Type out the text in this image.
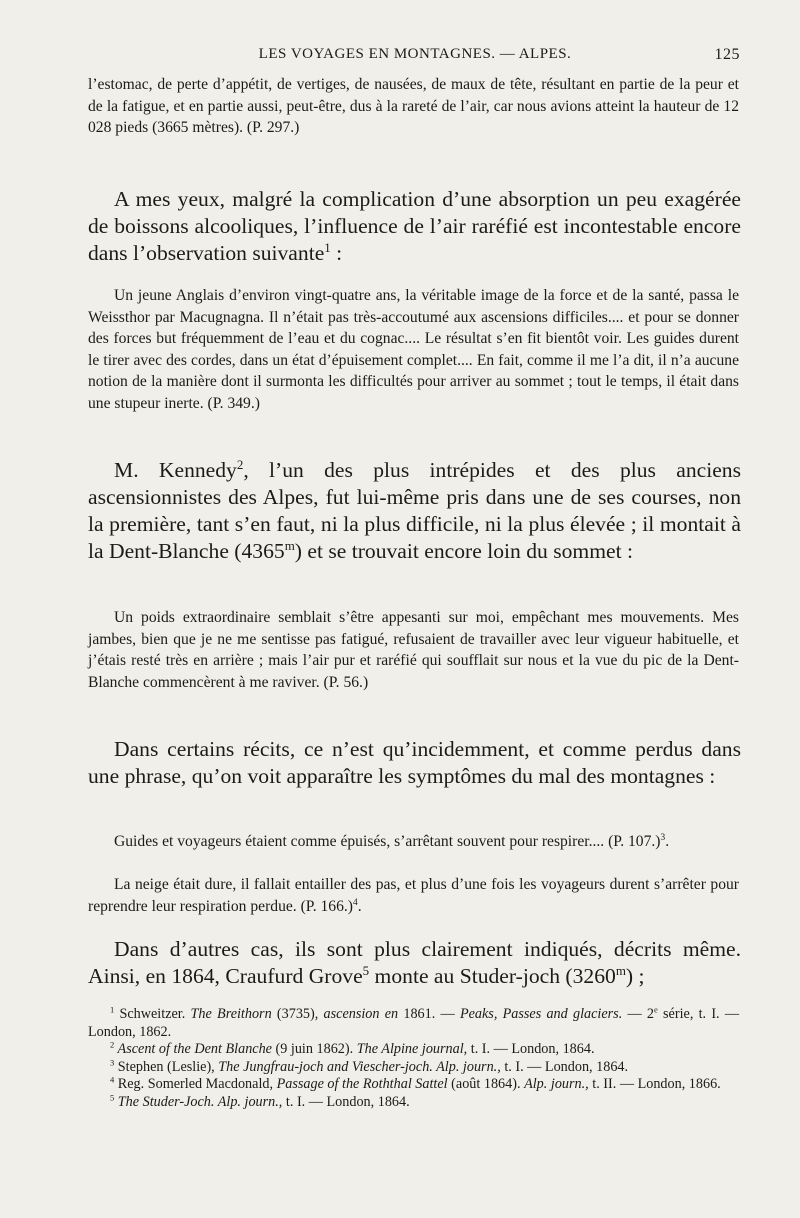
LES VOYAGES EN MONTAGNES. — ALPES.	125

l’estomac, de perte d’appétit, de vertiges, de nausées, de maux de tête, résultant en partie de la peur et de la fatigue, et en partie aussi, peut-être, dus à la rareté de l’air, car nous avions atteint la hauteur de 12 028 pieds (3665 mètres). (P. 297.)

A mes yeux, malgré la complication d’une absorption un peu exagérée de boissons alcooliques, l’influence de l’air raréfié est incontestable encore dans l’observation suivante$^1$ :

Un jeune Anglais d’environ vingt-quatre ans, la véritable image de la force et de la santé, passa le Weissthor par Macugnagna. Il n’était pas très-accoutumé aux ascensions difficiles.... et pour se donner des forces but fréquemment de l’eau et du cognac.... Le résultat s’en fit bientôt voir. Les guides durent le tirer avec des cordes, dans un état d’épuisement complet.... En fait, comme il me l’a dit, il n’a aucune notion de la manière dont il surmonta les difficultés pour arriver au sommet ; tout le temps, il était dans une stupeur inerte. (P. 349.)

M. Kennedy$^2$, l’un des plus intrépides et des plus anciens ascensionnistes des Alpes, fut lui-même pris dans une de ses courses, non la première, tant s’en faut, ni la plus difficile, ni la plus élevée ; il montait à la Dent-Blanche (4365$^m$) et se trouvait encore loin du sommet :

Un poids extraordinaire semblait s’être appesanti sur moi, empêchant mes mouvements. Mes jambes, bien que je ne me sentisse pas fatigué, refusaient de travailler avec leur vigueur habituelle, et j’étais resté très en arrière ; mais l’air pur et raréfié qui soufflait sur nous et la vue du pic de la Dent-Blanche commencèrent à me raviver. (P. 56.)

Dans certains récits, ce n’est qu’incidemment, et comme perdus dans une phrase, qu’on voit apparaître les symptômes du mal des montagnes :

Guides et voyageurs étaient comme épuisés, s’arrêtant souvent pour respirer.... (P. 107.)$^3$.

La neige était dure, il fallait entailler des pas, et plus d’une fois les voyageurs durent s’arrêter pour reprendre leur respiration perdue. (P. 166.)$^4$.

Dans d’autres cas, ils sont plus clairement indiqués, décrits même. Ainsi, en 1864, Craufurd Grove$^5$ monte au Studer-joch (3260$^m$) ;

$^1$ Schweitzer. The Breithorn (3735), ascension en 1861. — Peaks, Passes and glaciers. — 2e série, t. I. — London, 1862.

$^2$ Ascent of the Dent Blanche (9 juin 1862). The Alpine journal, t. I. — London, 1864.

$^3$ Stephen (Leslie), The Jungfrau-joch and Viescher-joch. Alp. journ., t. I. — London, 1864.

$^4$ Reg. Somerled Macdonald, Passage of the Roththal Sattel (août 1864). Alp. journ., t. II. — London, 1866.

$^5$ The Studer-Joch. Alp. journ., t. I. — London, 1864.
